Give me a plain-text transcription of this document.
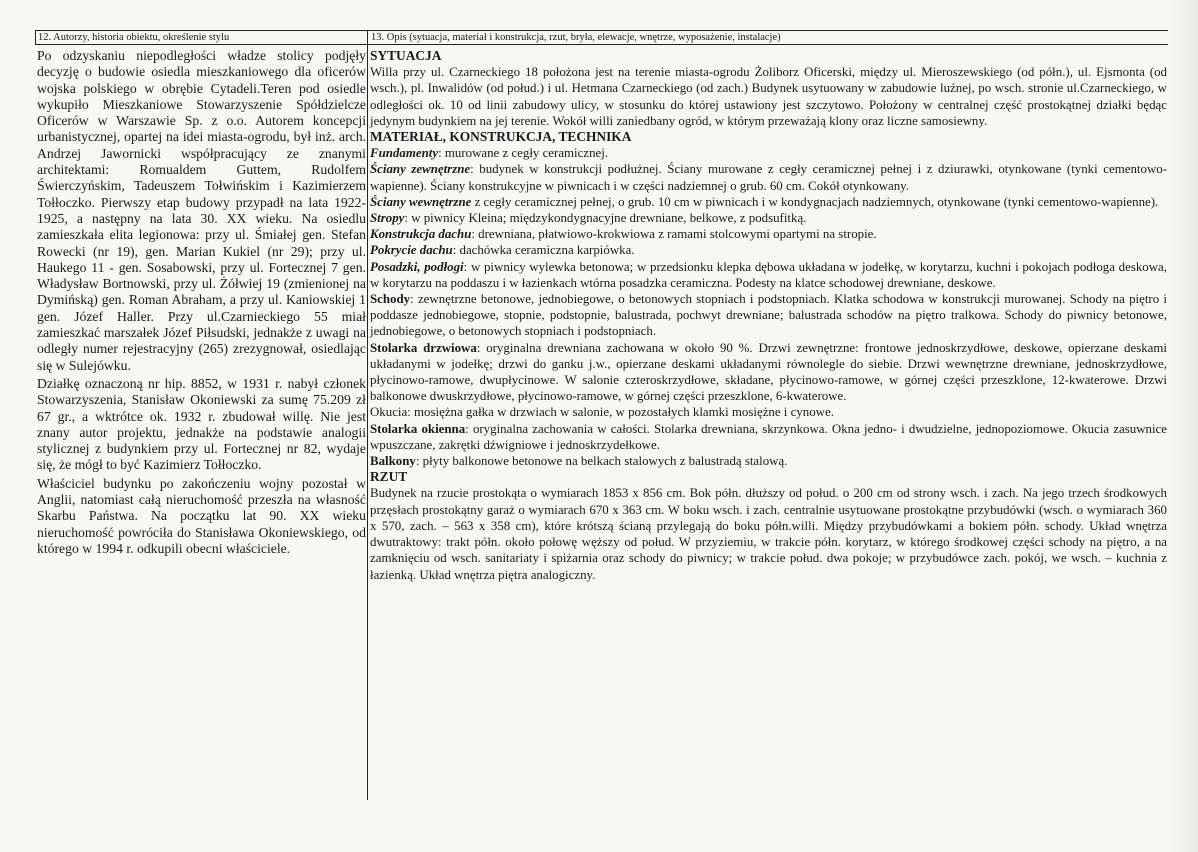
12. Autorzy, historia obiektu, określenie stylu	13. Opis (sytuacja, materiał i konstrukcja, rzut, bryła, elewacje, wnętrze, wyposażenie, instalacje)

Po odzyskaniu niepodległości władze stolicy podjęły decyzję o budowie osiedla mieszkaniowego dla oficerów wojska polskiego w obrębie Cytadeli.Teren pod osiedle wykupiło Mieszkaniowe Stowarzyszenie Spółdzielcze Oficerów w Warszawie Sp. z o.o. Autorem koncepcji urbanistycznej, opartej na idei miasta-ogrodu, był inż. arch. Andrzej Jawornicki współpracujący ze znanymi architektami: Romualdem Guttem, Rudolfem Świerczyńskim, Tadeuszem Tołwińskim i Kazimierzem Tołłoczko. Pierwszy etap budowy przypadł na lata 1922-1925, a następny na lata 30. XX wieku. Na osiedlu zamieszkała elita legionowa: przy ul. Śmiałej gen. Stefan Rowecki (nr 19), gen. Marian Kukiel (nr 29); przy ul. Haukego 11 - gen. Sosabowski, przy ul. Fortecznej 7 gen. Władysław Bortnowski, przy ul. Żółwiej 19 (zmienionej na Dymińską) gen. Roman Abraham, a przy ul. Kaniowskiej 1 gen. Józef Haller. Przy ul.Czarnieckiego 55 miał zamieszkać marszałek Józef Piłsudski, jednakże z uwagi na odległy numer rejestracyjny (265) zrezygnował, osiedlając się w Sulejówku.

Działkę oznaczoną nr hip. 8852, w 1931 r. nabył członek Stowarzyszenia, Stanisław Okoniewski za sumę 75.209 zł 67 gr., a wktrótce ok. 1932 r. zbudował willę. Nie jest znany autor projektu, jednakże na podstawie analogii stylicznej z budynkiem przy ul. Fortecznej nr 82, wydaje się, że mógł to być Kazimierz Tołłoczko.

Właściciel budynku po zakończeniu wojny pozostał w Anglii, natomiast całą nieruchomość przeszła na własność Skarbu Państwa. Na początku lat 90. XX wieku nieruchomość powróciła do Stanisława Okoniewskiego, od którego w 1994 r. odkupili obecni właściciele.

SYTUACJA

Willa przy ul. Czarneckiego 18 położona jest na terenie miasta-ogrodu Żoliborz Oficerski, między ul. Mieroszewskiego (od półn.), ul. Ejsmonta (od wsch.), pl. Inwalidów (od połud.) i ul. Hetmana Czarneckiego (od zach.) Budynek usytuowany w zabudowie luźnej, po wsch. stronie ul.Czarneckiego, w odległości ok. 10 od linii zabudowy ulicy, w stosunku do której ustawiony jest szczytowo. Położony w centralnej część prostokątnej działki będąc jedynym budynkiem na jej terenie. Wokół willi zaniedbany ogród, w którym przeważają klony oraz liczne samosiewny.

MATERIAŁ, KONSTRUKCJA, TECHNIKA

Fundamenty: murowane z cegły ceramicznej.

Ściany zewnętrzne: budynek w konstrukcji podłużnej. Ściany murowane z cegły ceramicznej pełnej i z dziurawki, otynkowane (tynki cementowo- wapienne). Ściany konstrukcyjne w piwnicach i w części nadziemnej o grub. 60 cm. Cokół otynkowany.

Ściany wewnętrzne z cegły ceramicznej pełnej, o grub. 10 cm w piwnicach i w kondygnacjach nadziemnych, otynkowane (tynki cementowo-wapienne).

Stropy: w piwnicy Kleina; międzykondygnacyjne drewniane, belkowe, z podsufitką.

Konstrukcja dachu: drewniana, płatwiowo-krokwiowa z ramami stolcowymi opartymi na stropie.

Pokrycie dachu: dachówka ceramiczna karpiówka.

Posadzki, podłogi: w piwnicy wylewka betonowa; w przedsionku klepka dębowa układana w jodełkę, w korytarzu, kuchni i pokojach podłoga deskowa, w korytarzu na poddaszu i w łazienkach wtórna posadzka ceramiczna. Podesty na klatce schodowej drewniane, deskowe.

Schody: zewnętrzne betonowe, jednobiegowe, o betonowych stopniach i podstopniach. Klatka schodowa w konstrukcji murowanej. Schody na piętro i poddasze jednobiegowe, stopnie, podstopnie, balustrada, pochwyt drewniane; balustrada schodów na piętro tralkowa. Schody do piwnicy betonowe, jednobiegowe, o betonowych stopniach i podstopniach.

Stolarka drzwiowa: oryginalna drewniana zachowana w około 90 %. Drzwi zewnętrzne: frontowe jednoskrzydłowe, deskowe, opierzane deskami układanymi w jodełkę; drzwi do ganku j.w., opierzane deskami układanymi równolegle do siebie. Drzwi wewnętrzne drewniane, jednoskrzydłowe, płycinowo-ramowe, dwupłycinowe. W salonie czteroskrzydłowe, składane, płycinowo-ramowe, w górnej części przeszklone, 12-kwaterowe. Drzwi balkonowe dwuskrzydłowe, płycinowo-ramowe, w górnej części przeszklone, 6-kwaterowe.

Okucia: mosiężna gałka w drzwiach w salonie, w pozostałych klamki mosiężne i cynowe.

Stolarka okienna: oryginalna zachowania w całości. Stolarka drewniana, skrzynkowa. Okna jedno- i dwudzielne, jednopoziomowe. Okucia zasuwnice wpuszczane, zakrętki dźwigniowe i jednoskrzydełkowe.

Balkony: płyty balkonowe betonowe na belkach stalowych z balustradą stalową.

RZUT

Budynek na rzucie prostokąta o wymiarach 1853 x 856 cm. Bok półn. dłuższy od połud. o 200 cm od strony wsch. i zach. Na jego trzech środkowych przęsłach prostokątny garaż o wymiarach 670 x 363 cm. W boku wsch. i zach. centralnie usytuowane prostokątne przybudówki (wsch. o wymiarach 360 x 570, zach. – 563 x 358 cm), które krótszą ścianą przylegają do boku półn.willi. Między przybudówkami a bokiem półn. schody. Układ wnętrza dwutraktowy: trakt półn. około połowę węższy od połud. W przyziemiu, w trakcie półn. korytarz, w którego środkowej części schody na piętro, a na zamknięciu od wsch. sanitariaty i spiżarnia oraz schody do piwnicy; w trakcie połud. dwa pokoje; w przybudówce zach. pokój, we wsch. – kuchnia z łazienką. Układ wnętrza piętra analogiczny.
